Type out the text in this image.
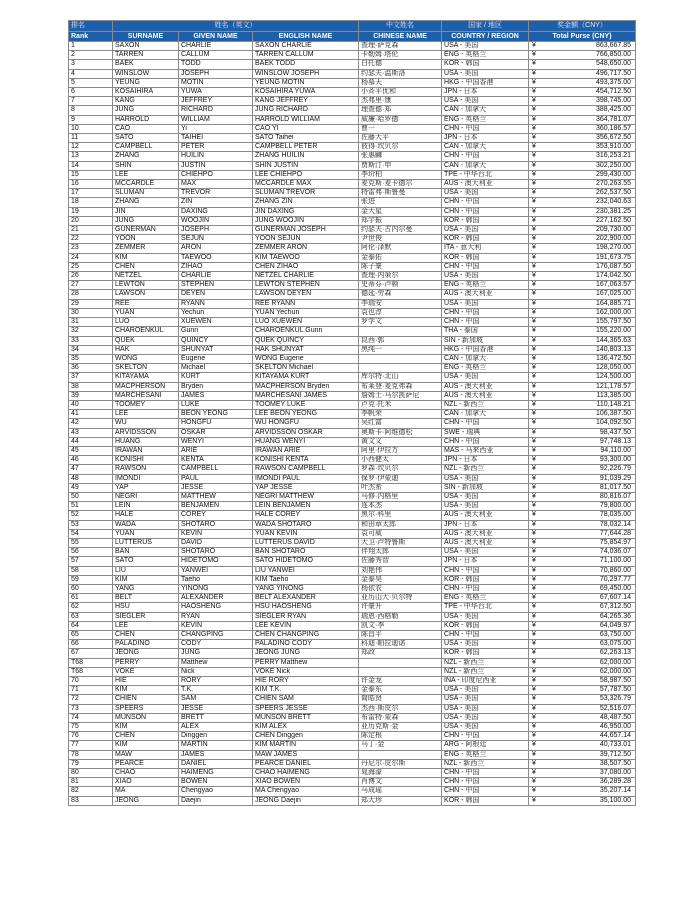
排名	姓名（英文）			中文姓名	国家 / 地区	奖金额（CNY）	
Rank	SURNAME	GIVEN NAME	ENGLISH NAME	CHINESE NAME	COUNTRY / REGION	Total Purse (CNY)	
1	SAXON	CHARLIE	SAXON CHARLIE	查理·萨克森	USA - 美国	¥	863,667.85
2	TARREN	CALLUM	TARREN CALLUM	卡勒姆·塔伦	ENG - 英格兰	¥	766,850.00
3	BAEK	TODD	BAEK TODD	白托德	KOR - 韩国	¥	548,650.00
4	WINSLOW	JOSEPH	WINSLOW JOSEPH	约瑟夫·温斯洛	USA - 美国	¥	496,717.50
5	YEUNG	MOTIN	YEUNG MOTIN	杨慕天	HKG - 中国香港	¥	493,375.00
6	KOSAIHIRA	YUWA	KOSAIHIRA YUWA	小斉平优和	JPN - 日本	¥	454,712.50
7	KANG	JEFFREY	KANG JEFFREY	杰弗里·康	USA - 美国	¥	398,745.00
8	JUNG	RICHARD	JUNG RICHARD	理查德·郑	CAN - 加拿大	¥	388,425.00
9	HARROLD	WILLIAM	HARROLD WILLIAM	威廉·哈罗德	ENG - 英格兰	¥	364,781.07
10	CAO	Yi	CAO YI	曹一	CHN - 中国	¥	360,186.57
11	SATO	TAIHEI	SATO Taihei	佐藤大平	JPN - 日本	¥	356,672.50
12	CAMPBELL	PETER	CAMPBELL PETER	彼得·坎贝尔	CAN - 加拿大	¥	353,910.00
13	ZHANG	HUILIN	ZHANG HUILIN	张惠麟	CHN - 中国	¥	316,253.21
14	SHIN	JUSTIN	SHIN JUSTIN	贾斯汀·申	CAN - 加拿大	¥	302,250.00
15	LEE	CHIEHPO	LEE CHIEHPO	李玠柏	TPE - 中华台北	¥	299,430.00
16	MCCARDLE	MAX	MCCARDLE MAX	麦克斯·麦卡德尔	AUS - 澳大利亚	¥	270,263.55
17	SLUMAN	TREVOR	SLUMAN TREVOR	特雷弗·斯鲁曼	USA - 美国	¥	262,537.50
18	ZHANG	ZIN	ZHANG ZIN	张进	CHN - 中国	¥	232,040.63
19	JIN	DAXING	JIN DAXING	金大星	CHN - 中国	¥	230,381.25
20	JUNG	WOOJIN	JUNG WOOJIN	郑宇振	KOR - 韩国	¥	227,162.50
21	GUNERMAN	JOSEPH	GUNERMAN JOSEPH	约瑟夫·古内尔曼	USA - 美国	¥	209,730.00
22	YOON	SEJUN	YOON SEJUN	尹世俊	KOR - 韩国	¥	202,900.00
23	ZEMMER	ARON	ZEMMER ARON	阿伦·泽默	ITA - 意大利	¥	198,270.00
24	KIM	TAEWOO	KIM TAEWOO	金泰佑	KOR - 韩国	¥	191,673.75
25	CHEN	ZIHAO	CHEN ZIHAO	陈子豪	CHN - 中国	¥	176,087.50
26	NETZEL	CHARLIE	NETZEL CHARLIE	查理·内策尔	USA - 美国	¥	174,042.50
27	LEWTON	STEPHEN	LEWTON STEPHEN	史蒂芬·卢顿	ENG - 英格兰	¥	167,063.57
28	LAWSON	DEYEN	LAWSON DEYEN	德延·劳森	AUS - 澳大利亚	¥	167,025.00
29	REE	RYANN	REE RYANN	李瑞安	USA - 美国	¥	164,885.71
30	YUAN	Yechun	YUAN Yechun	袁也淳	CHN - 中国	¥	162,000.00
31	LUO	XUEWEN	LUO XUEWEN	罗学文	CHN - 中国	¥	155,797.50
32	CHAROENKUL	Gunn	CHAROENKUL Gunn		THA - 泰国	¥	155,220.00
33	QUEK	QUINCY	QUEK QUINCY	昆西·郭	SIN - 新加坡	¥	144,365.63
34	HAK	SHUNYAT	HAK SHUNYAT	黑纯一	HKG - 中国香港	¥	140,803.13
35	WONG	Eugene	WONG Eugene		CAN - 加拿大	¥	136,472.50
36	SKELTON	Michael	SKELTON Michael		ENG - 英格兰	¥	128,050.00
37	KITAYAMA	KURT	KITAYAMA KURT	库尔特·北山	USA - 美国	¥	124,500.00
38	MACPHERSON	Bryden	MACPHERSON Bryden	布莱登·麦克弗森	AUS - 澳大利亚	¥	121,178.57
39	MARCHESANI	JAMES	MARCHESANI JAMES	詹姆士·马尔凯萨尼	AUS - 澳大利亚	¥	113,385.00
40	TOOMEY	LUKE	TOOMEY LUKE	卢克·托米	NZL - 新西兰	¥	110,148.21
41	LEE	BEON YEONG	LEE BEON YEONG	李帆荣	CAN - 加拿大	¥	106,387.50
42	WU	HONGFU	WU HONGFU	吴红富	CHN - 中国	¥	104,092.50
43	ARVIDSSON	OSKAR	ARVIDSSON OSKAR	奥斯卡·阿维德松	SWE - 瑞典	¥	98,437.50
44	HUANG	WENYI	HUANG WENYI	黄文义	CHN - 中国	¥	97,748.13
45	IRAWAN	ARIE	IRAWAN ARIE	阿里·伊拉万	MAS - 马来西亚	¥	94,110.00
46	KONISHI	KENTA	KONISHI KENTA	小西健太	JPN - 日本	¥	93,300.00
47	RAWSON	CAMPBELL	RAWSON CAMPBELL	罗森·坎贝尔	NZL - 新西兰	¥	92,226.79
48	IMONDI	PAUL	IMONDI PAUL	保罗·伊蒙迪	USA - 美国	¥	91,039.29
49	YAP	JESSE	YAP JESSE	叶杰希	SIN - 新加坡	¥	81,017.50
50	NEGRI	MATTHEW	NEGRI MATTHEW	马修·内格里	USA - 美国	¥	80,816.07
51	LEIN	BENJAMEN	LEIN BENJAMEN	连本杰	USA - 美国	¥	79,800.00
52	HALE	COREY	HALE COREY	黑尔·科里	AUS - 澳大利亚	¥	78,035.00
53	WADA	SHOTARO	WADA SHOTARO	和田章太郎	JPN - 日本	¥	78,032.14
54	YUAN	KEVIN	YUAN KEVIN	袁可威	AUS - 澳大利亚	¥	77,644.28
55	LUTTERUS	DAVID	LUTTERUS DAVID	大卫·卢特鲁斯	AUS - 澳大利亚	¥	75,854.97
56	BAN	SHOTARO	BAN SHOTARO	伴翔太郎	USA - 美国	¥	74,036.07
57	SATO	HIDETOMO	SATO HIDETOMO	佐藤秀智	JPN - 日本	¥	71,100.00
58	LIU	YANWEI	LIU YANWEI	刘艳伟	CHN - 中国	¥	70,860.00
59	KIM	Taeho	KIM Taeho	金泰昊	KOR - 韩国	¥	70,297.77
60	YANG	YINONG	YANG YINONG	杨依农	CHN - 中国	¥	69,450.00
61	BELT	ALEXANDER	BELT ALEXANDER	亚历山大·贝尔特	ENG - 英格兰	¥	67,607.14
62	HSU	HAOSHENG	HSU HAOSHENG	许豪升	TPE - 中华台北	¥	67,312.50
63	SIEGLER	RYAN	SIEGLER RYAN	瑞恩·西格勒	USA - 美国	¥	64,265.36
64	LEE	KEVIN	LEE KEVIN	凯文·李	KOR - 韩国	¥	64,049.97
65	CHEN	CHANGPING	CHEN CHANGPING	陈昌平	CHN - 中国	¥	63,750.00
66	PALADINO	CODY	PALADINO CODY	科迪·帕拉迪诺	USA - 美国	¥	63,075.00
67	JEONG	JUNG	JEONG JUNG	郑政	KOR - 韩国	¥	62,263.13
T68	PERRY	Matthew	PERRY Matthew		NZL - 新西兰	¥	62,000.00
T68	VOKE	Nick	VOKE Nick		NZL - 新西兰	¥	62,000.00
70	HIE	RORY	HIE RORY	许金龙	INA - 印度尼西亚	¥	58,987.50
71	KIM	T.K.	KIM T.K.	金泰东	USA - 美国	¥	57,787.50
72	CHIEN	SAM	CHIEN SAM	简皓贤	USA - 美国	¥	53,326.79
73	SPEERS	JESSE	SPEERS JESSE	杰西·斯皮尔	USA - 美国	¥	52,516.07
74	MUNSON	BRETT	MUNSON BRETT	布雷特·蒙森	USA - 美国	¥	48,487.50
75	KIM	ALEX	KIM ALEX	亚历克斯·金	USA - 美国	¥	46,950.00
76	CHEN	Dinggen	CHEN Dinggen	陈定根	CHN - 中国	¥	44,657.14
77	KIM	MARTIN	KIM MARTIN	马丁·金	ARG - 阿根廷	¥	40,733.01
78	MAW	JAMES	MAW JAMES		ENG - 英格兰	¥	39,712.50
79	PEARCE	DANIEL	PEARCE DANIEL	丹尼尔·皮尔斯	NZL - 新西兰	¥	38,507.50
80	CHAO	HAIMENG	CHAO HAIMENG	晁海濛	CHN - 中国	¥	37,080.00
81	XIAO	BOWEN	XIAO BOWEN	肖博文	CHN - 中国	¥	36,289.28
82	MA	Chengyao	MA Chengyao	马成瑶	CHN - 中国	¥	35,207.14
83	JEONG	Daejin	JEONG Daejin	郑大珍	KOR - 韩国	¥	35,100.00
